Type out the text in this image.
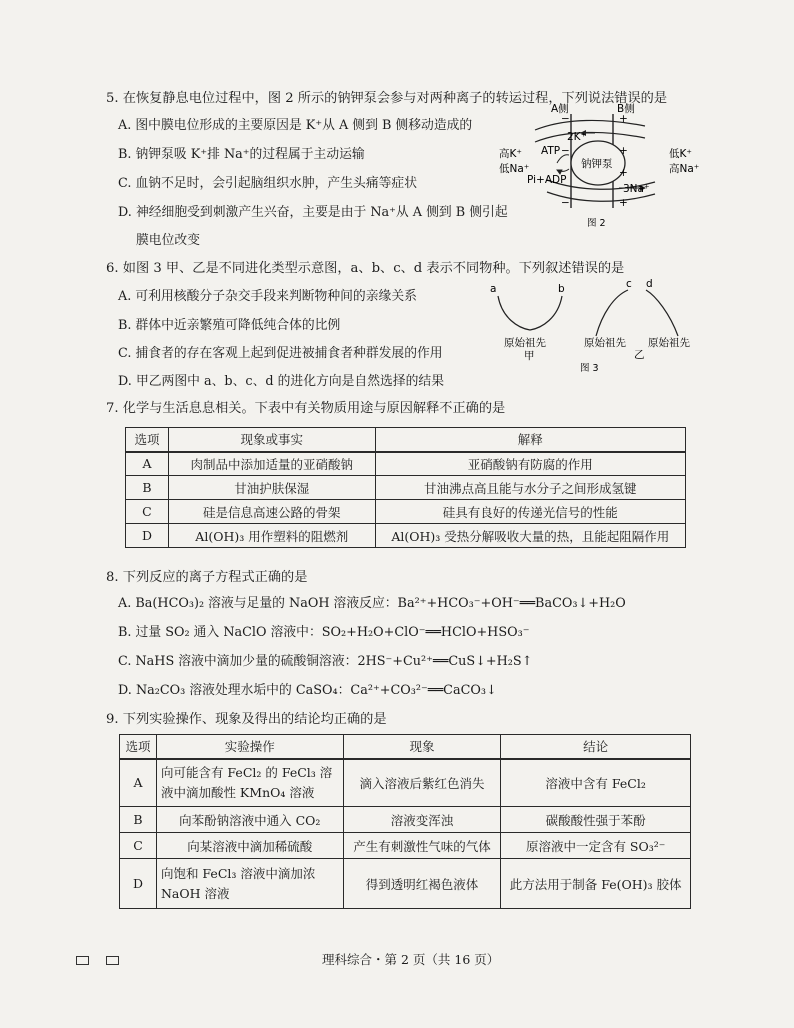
5. 在恢复静息电位过程中，图 2 所示的钠钾泵会参与对两种离子的转运过程，下列说法错误的是
A. 图中膜电位形成的主要原因是 K⁺从 A 侧到 B 侧移动造成的
B. 钠钾泵吸 K⁺排 Na⁺的过程属于主动运输
C. 血钠不足时，会引起脑组织水肿，产生头痛等症状
D. 神经细胞受到刺激产生兴奋，主要是由于 Na⁺从 A 侧到 B 侧引起
膜电位改变
−	+
−	+
+
−	+
A侧	B侧
2K⁺
3Na⁺
ATP
Pi+ADP
钠钾泵
高K⁺
低Na⁺
低K⁺
高Na⁺
图 2
6. 如图 3 甲、乙是不同进化类型示意图，a、b、c、d 表示不同物种。下列叙述错误的是
A. 可利用核酸分子杂交手段来判断物种间的亲缘关系
B. 群体中近亲繁殖可降低纯合体的比例
C. 捕食者的存在客观上起到促进被捕食者种群发展的作用
D. 甲乙两图中 a、b、c、d 的进化方向是自然选择的结果
a	b
原始祖先
甲
c d
原始祖先 原始祖先
乙
图 3
7. 化学与生活息息相关。下表中有关物质用途与原因解释不正确的是
选项	现象或事实	解释
A	肉制品中添加适量的亚硝酸钠	亚硝酸钠有防腐的作用
B	甘油护肤保湿	甘油沸点高且能与水分子之间形成氢键
C	硅是信息高速公路的骨架	硅具有良好的传递光信号的性能
D	Al(OH)₃ 用作塑料的阻燃剂	Al(OH)₃ 受热分解吸收大量的热，且能起阻隔作用
8. 下列反应的离子方程式正确的是
A. Ba(HCO₃)₂ 溶液与足量的 NaOH 溶液反应：Ba²⁺+HCO₃⁻+OH⁻══BaCO₃↓+H₂O
B. 过量 SO₂ 通入 NaClO 溶液中：SO₂+H₂O+ClO⁻══HClO+HSO₃⁻
C. NaHS 溶液中滴加少量的硫酸铜溶液：2HS⁻+Cu²⁺══CuS↓+H₂S↑
D. Na₂CO₃ 溶液处理水垢中的 CaSO₄：Ca²⁺+CO₃²⁻══CaCO₃↓
9. 下列实验操作、现象及得出的结论均正确的是
选项	实验操作	现象	结论
A	向可能含有 FeCl₂ 的 FeCl₃ 溶液中滴加酸性 KMnO₄ 溶液	滴入溶液后紫红色消失	溶液中含有 FeCl₂
B	向苯酚钠溶液中通入 CO₂	溶液变浑浊	碳酸酸性强于苯酚
C	向某溶液中滴加稀硫酸	产生有刺激性气味的气体	原溶液中一定含有 SO₃²⁻
D	向饱和 FeCl₃ 溶液中滴加浓 NaOH 溶液	得到透明红褐色液体	此方法用于制备 Fe(OH)₃ 胶体
理科综合・第 2 页（共 16 页）
